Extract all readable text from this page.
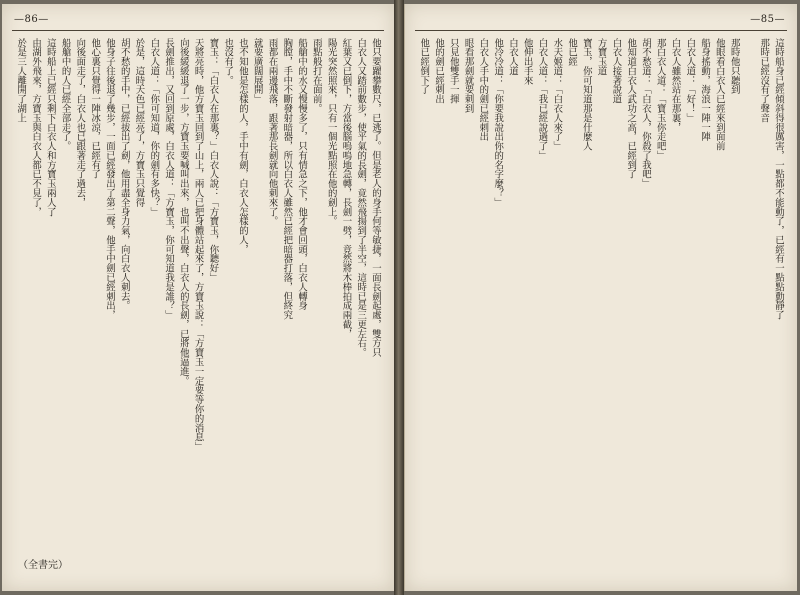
—86—
他只要躍攀數尺，已逃了。但是老人的身手何等敏捷，一面長劍起處，雙方只
白衣人又踏前數步，使平氣的長劍，竟然飛揚到了半空，這時已是三更左右。
紅葉又已倒下，方當後腦嗚嗚地急轉，長劍一劈，竟然將木棒拍成兩截，
陽光突然照來，只有一個光點照在他的劍上。
雨點般打在面前。
船艙中的水又慢慢多了，只有情急之下，他才會回頭，白衣人轉身
胸膛，手中不斷發射暗器，所以白衣人雖然已經把暗器打落，但終究
雨都在兩邊飛落，跟著那長劍就向他刺來了。
就要廣闊展開」
也不知他是怎樣的人，手中有劍，白衣人怎樣的人，
也沒有了。
寶玉：「白衣人在那裏？」白衣人說：「方寶玉，你聽好」
天將亮時，他方寶玉回到了山上，兩人已把身體站起來了，方寶玉說：「方寶玉一定要等你的消息」
向後緩緩退了一步，方寶玉要喊叫出來，也叫不出聲，白衣人的長劍，已將他逼進。
長劍推出，又回到原處，白衣人道：「方寶玉，你可知道我是誰？」
白衣人道：「你可知道，你的劍有多快？」
於是，這時天色已經亮了，方寶玉只覺得
胡不愁的手中，已經拔出了劍，他用盡全身力氣，向白衣人刺去。
他身子往後退了幾步，一面已經發出了第二聲，他手中劍已經刺出，
他心裏只覺得一陣冰涼，已經有了
向後面走了，白衣人也已跟著走了過去，
船艙中的人已經全部走了。
這時船上已經只剩下白衣人和方寶玉兩人了
由湖外飛來，方寶玉與白衣人都已不見了，
於是三人離開了湖上
（全書完）
—85—
這時船身已經傾斜得很厲害，一點都不能動了，已經有一點點動靜了
那時已經沒有了聲音
那時他只聽到
他眼看白衣人已經來到面前
船身搖動，海浪一陣一陣
白衣人道：「好！」
白衣人雖然站在那裏，
那白衣人道：「寶玉你走吧」
胡不愁道：「白衣人，你殺了我吧」
他知道白衣人武功之高，已經到了
白衣人接著說道
方寶玉道
寶玉，你可知道那是什麼人
他已經
水天姬道：「白衣人來了」
白衣人道：「我已經說過了」
他伸出手來
白衣人道
他冷冷道：「你要我說出你的名字麼？」
白衣人手中的劍已經刺出
眼看那劍就要刺到
只見他雙手一揮
他的劍已經刺出
他已經倒下了
